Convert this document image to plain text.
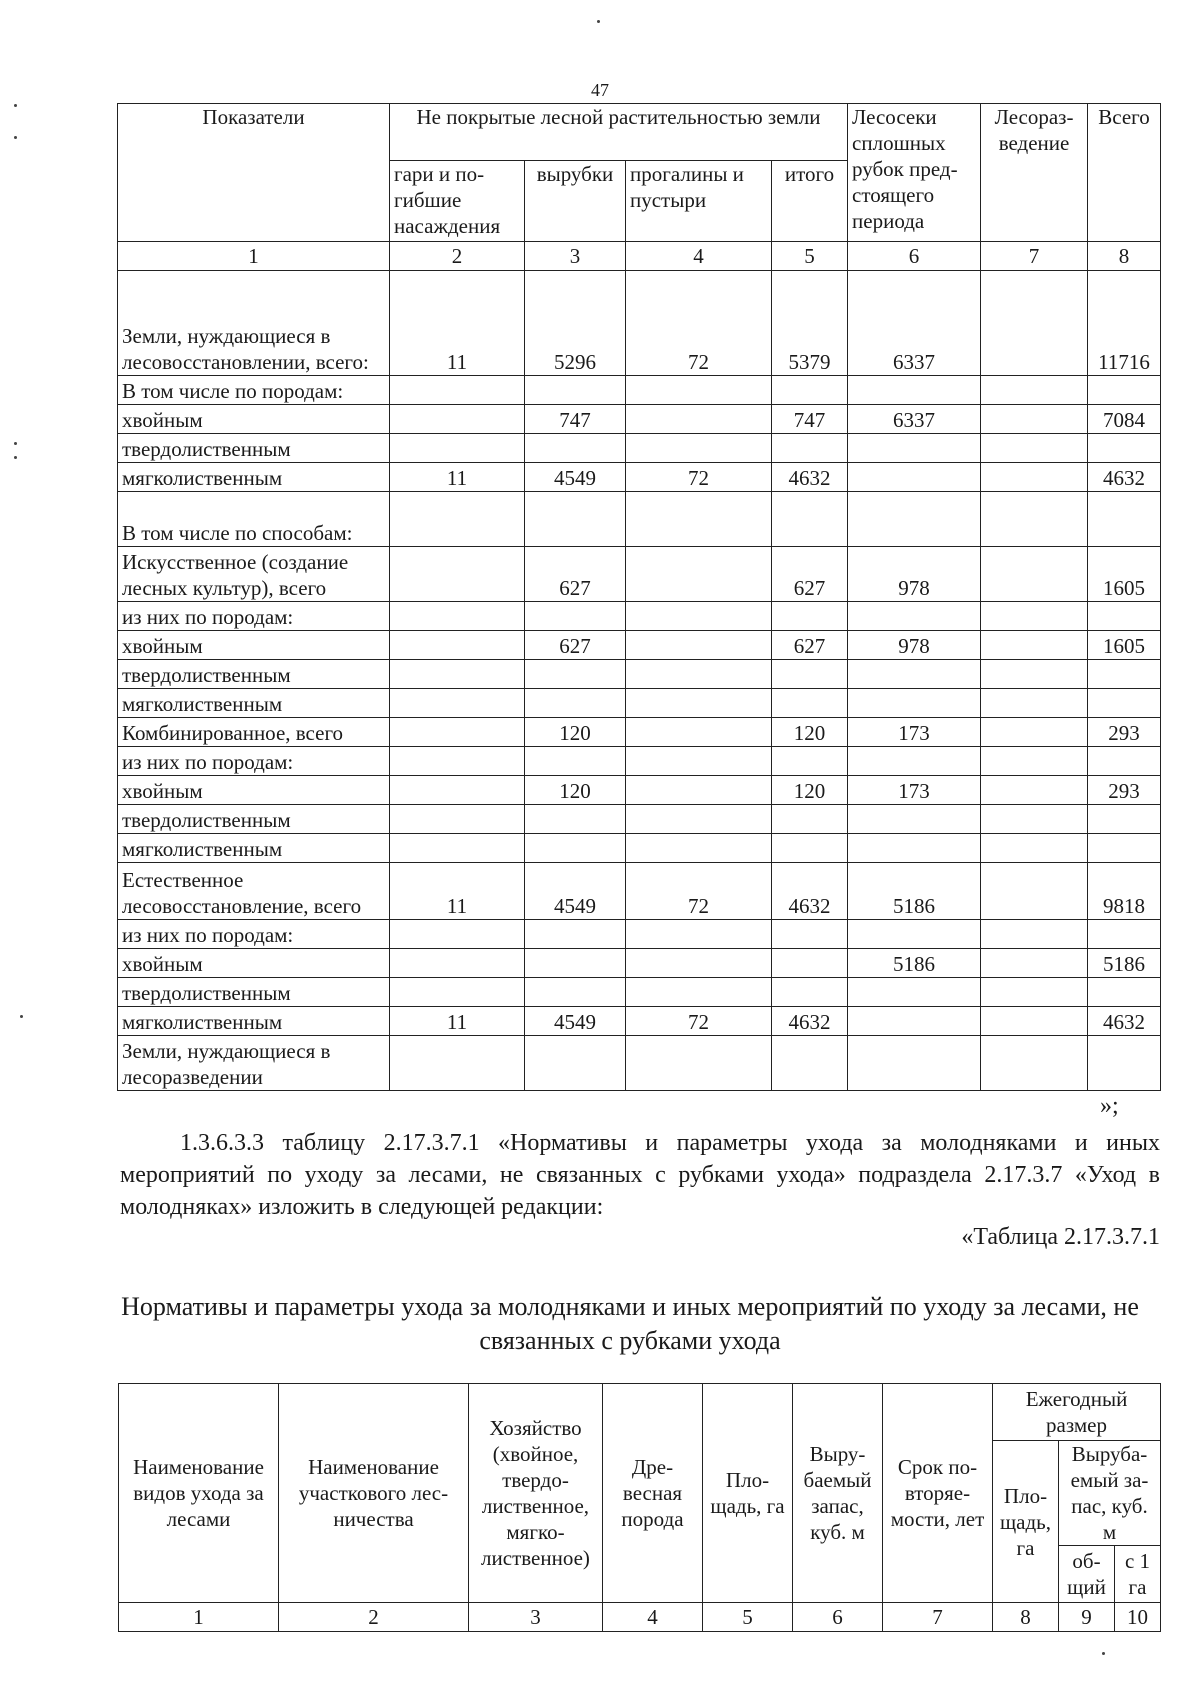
47
Показатели	Не покрытые лесной растительностью земли				Лесосеки сплошных рубок пред-стоящего периода	Лесораз-ведение	Всего
	гари и по-гибшие насаждения	вырубки	прогалины и пустыри	итого			
1	2	3	4	5	6	7	8
Земли, нуждающиеся в лесовосстановлении, всего:	11	5296	72	5379	6337		11716
В том числе по породам:							
хвойным		747		747	6337		7084
твердолиственным							
мягколиственным	11	4549	72	4632			4632
В том числе по способам:							
Искусственное (создание лесных культур), всего		627		627	978		1605
из них по породам:							
хвойным		627		627	978		1605
твердолиственным							
мягколиственным							
Комбинированное, всего		120		120	173		293
из них по породам:							
хвойным		120		120	173		293
твердолиственным							
мягколиственным							
Естественное лесовосстановление, всего	11	4549	72	4632	5186		9818
из них по породам:							
хвойным					5186		5186
твердолиственным							
мягколиственным	11	4549	72	4632			4632
Земли, нуждающиеся в лесоразведении							
»;
1.3.6.3.3 таблицу 2.17.3.7.1 «Нормативы и параметры ухода за молодняками и иных мероприятий по уходу за лесами, не связанных с рубками ухода» подраздела 2.17.3.7 «Уход в молодняках» изложить в следующей редакции:
«Таблица 2.17.3.7.1
Нормативы и параметры ухода за молодняками и иных мероприятий по уходу за лесами, не связанных с рубками ухода
Наименование видов ухода за лесами	Наименование участкового лес-ничества	Хозяйство (хвойное, твердо-лиственное, мягко-лиственное)	Дре-весная порода	Пло-щадь, га	Выру-баемый запас, куб. м	Срок по-вторяе-мости, лет	Ежегодный размер		
							Пло-щадь, га	Выруба-емый за-пас, куб. м	
								об-щий	с 1 га
1	2	3	4	5	6	7	8	9	10
